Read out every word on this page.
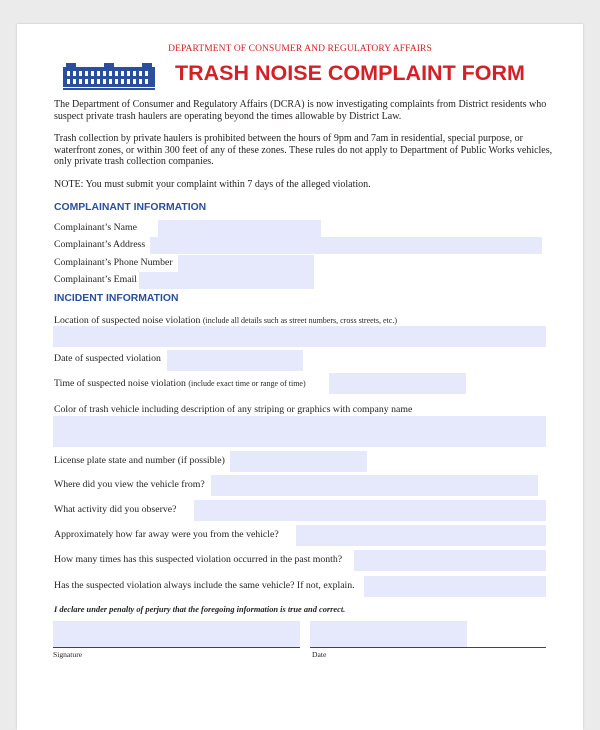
DEPARTMENT OF CONSUMER AND REGULATORY AFFAIRS
TRASH NOISE COMPLAINT FORM

The Department of Consumer and Regulatory Affairs (DCRA) is now investigating complaints from District residents who suspect private trash haulers are operating beyond the times allowable by District Law.

Trash collection by private haulers is prohibited between the hours of 9pm and 7am in residential, special purpose, or waterfront zones, or within 300 feet of any of these zones. These rules do not apply to Department of Public Works vehicles, only private trash collection companies.

NOTE: You must submit your complaint within 7 days of the alleged violation.

COMPLAINANT INFORMATION
Complainant’s Name
Complainant’s Address
Complainant’s Phone Number
Complainant’s Email
INCIDENT INFORMATION
Location of suspected noise violation (include all details such as street numbers, cross streets, etc.)
Date of suspected violation
Time of suspected noise violation (include exact time or range of time)
Color of trash vehicle including description of any striping or graphics with company name
License plate state and number (if possible)
Where did you view the vehicle from?
What activity did you observe?
Approximately how far away were you from the vehicle?
How many times has this suspected violation occurred in the past month?
Has the suspected violation always include the same vehicle? If not, explain.
I declare under penalty of perjury that the foregoing information is true and correct.
Signature	Date
